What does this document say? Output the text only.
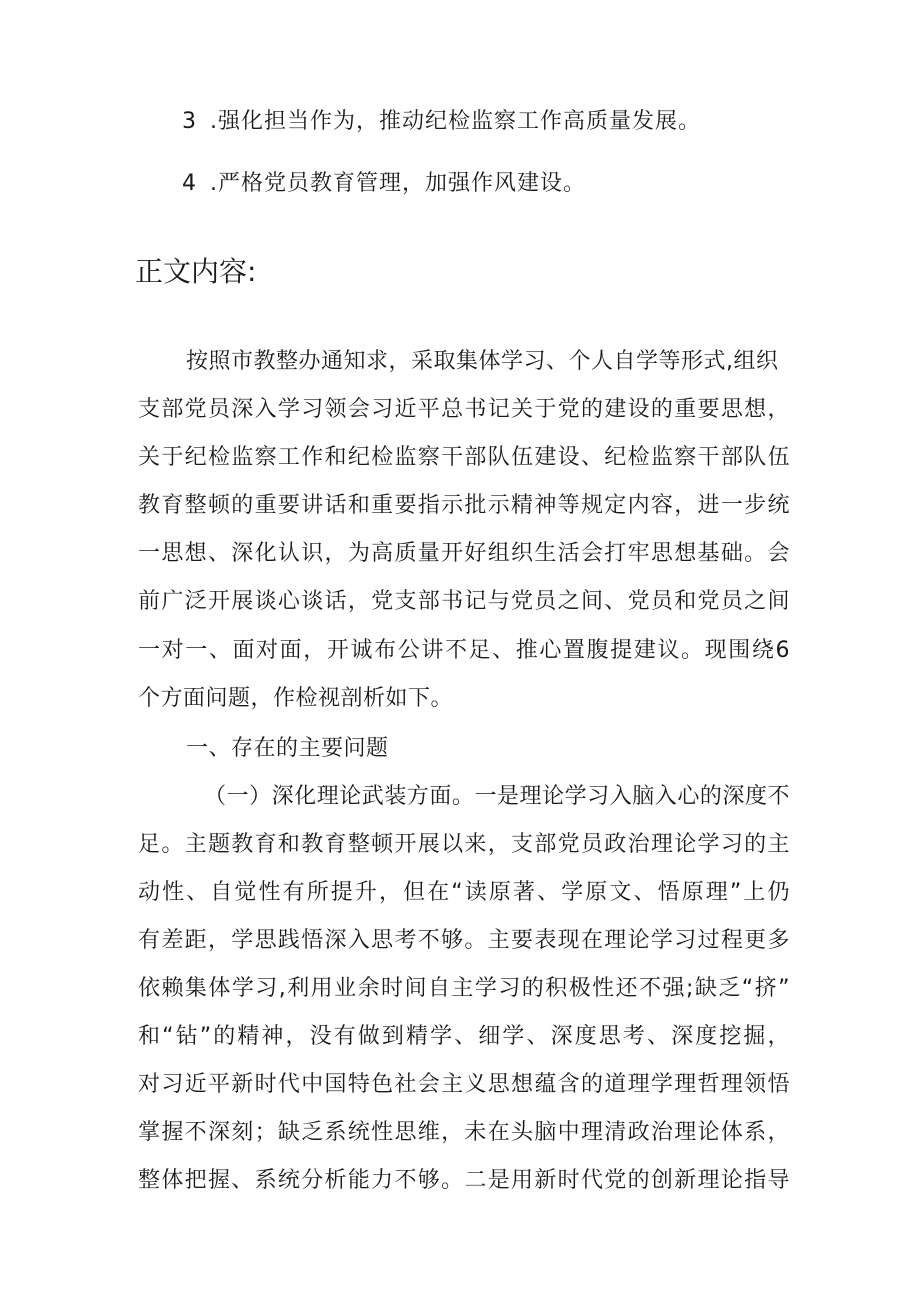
3 .强化担当作为，推动纪检监察工作高质量发展。
4 .严格党员教育管理，加强作风建设。
正文内容:
按照市教整办通知求，采取集体学习、个人自学等形式,组织
支部党员深入学习领会习近平总书记关于党的建设的重要思想，
关于纪检监察工作和纪检监察干部队伍建设、纪检监察干部队伍
教育整顿的重要讲话和重要指示批示精神等规定内容，进一步统
一思想、深化认识，为高质量开好组织生活会打牢思想基础。会
前广泛开展谈心谈话，党支部书记与党员之间、党员和党员之间
一对一、面对面，开诚布公讲不足、推心置腹提建议。现围绕6
个方面问题，作检视剖析如下。
一、存在的主要问题
（一）深化理论武装方面。一是理论学习入脑入心的深度不
足。主题教育和教育整顿开展以来，支部党员政治理论学习的主
动性、自觉性有所提升，但在“读原著、学原文、悟原理”上仍
有差距，学思践悟深入思考不够。主要表现在理论学习过程更多
依赖集体学习,利用业余时间自主学习的积极性还不强;缺乏“挤”
和“钻”的精神，没有做到精学、细学、深度思考、深度挖掘，
对习近平新时代中国特色社会主义思想蕴含的道理学理哲理领悟
掌握不深刻；缺乏系统性思维，未在头脑中理清政治理论体系，
整体把握、系统分析能力不够。二是用新时代党的创新理论指导
